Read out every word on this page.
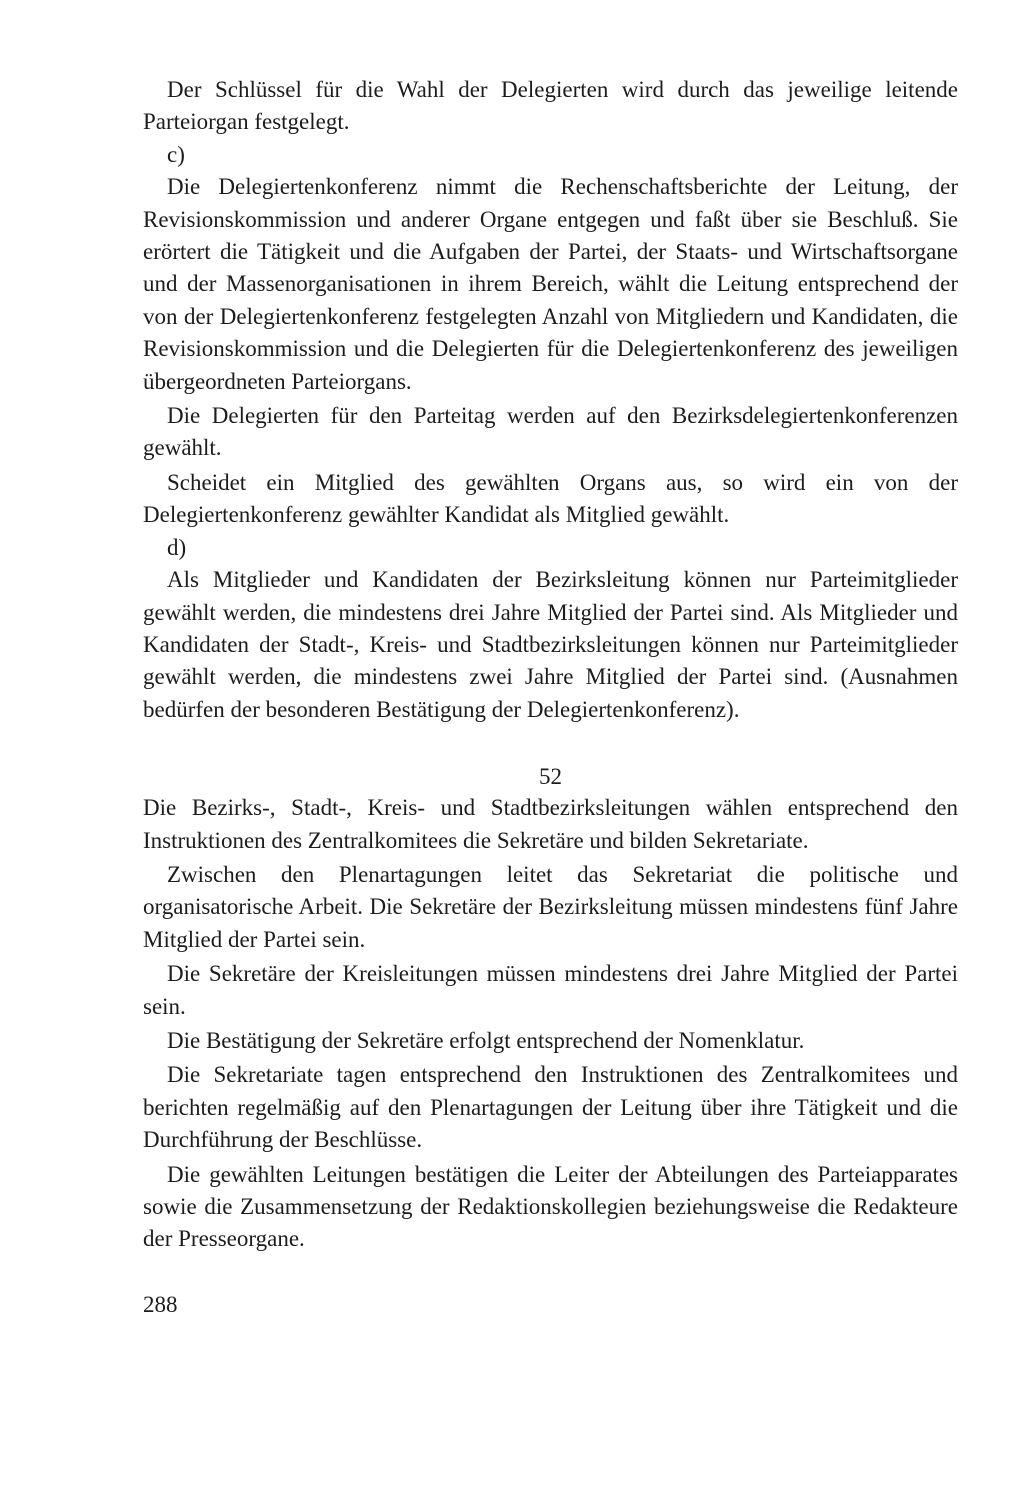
Der Schlüssel für die Wahl der Delegierten wird durch das jeweilige leitende Parteiorgan festgelegt.

c)

Die Delegiertenkonferenz nimmt die Rechenschaftsberichte der Leitung, der Revisionskommission und anderer Organe entgegen und faßt über sie Beschluß. Sie erörtert die Tätigkeit und die Aufgaben der Partei, der Staats- und Wirtschaftsorgane und der Massenorganisationen in ihrem Bereich, wählt die Leitung entsprechend der von der Delegiertenkonferenz festgelegten Anzahl von Mitgliedern und Kandidaten, die Revisionskommission und die Delegierten für die Delegiertenkonferenz des jeweiligen übergeordneten Parteiorgans.

Die Delegierten für den Parteitag werden auf den Bezirksdelegiertenkonferenzen gewählt.

Scheidet ein Mitglied des gewählten Organs aus, so wird ein von der Delegiertenkonferenz gewählter Kandidat als Mitglied gewählt.

d)

Als Mitglieder und Kandidaten der Bezirksleitung können nur Parteimitglieder gewählt werden, die mindestens drei Jahre Mitglied der Partei sind. Als Mitglieder und Kandidaten der Stadt-, Kreis- und Stadtbezirksleitungen können nur Parteimitglieder gewählt werden, die mindestens zwei Jahre Mitglied der Partei sind. (Ausnahmen bedürfen der besonderen Bestätigung der Delegiertenkonferenz).

52

Die Bezirks-, Stadt-, Kreis- und Stadtbezirksleitungen wählen entsprechend den Instruktionen des Zentralkomitees die Sekretäre und bilden Sekretariate.

Zwischen den Plenartagungen leitet das Sekretariat die politische und organisatorische Arbeit. Die Sekretäre der Bezirksleitung müssen mindestens fünf Jahre Mitglied der Partei sein.

Die Sekretäre der Kreisleitungen müssen mindestens drei Jahre Mitglied der Partei sein.

Die Bestätigung der Sekretäre erfolgt entsprechend der Nomenklatur.

Die Sekretariate tagen entsprechend den Instruktionen des Zentralkomitees und berichten regelmäßig auf den Plenartagungen der Leitung über ihre Tätigkeit und die Durchführung der Beschlüsse.

Die gewählten Leitungen bestätigen die Leiter der Abteilungen des Parteiapparates sowie die Zusammensetzung der Redaktionskollegien beziehungsweise die Redakteure der Presseorgane.

288
